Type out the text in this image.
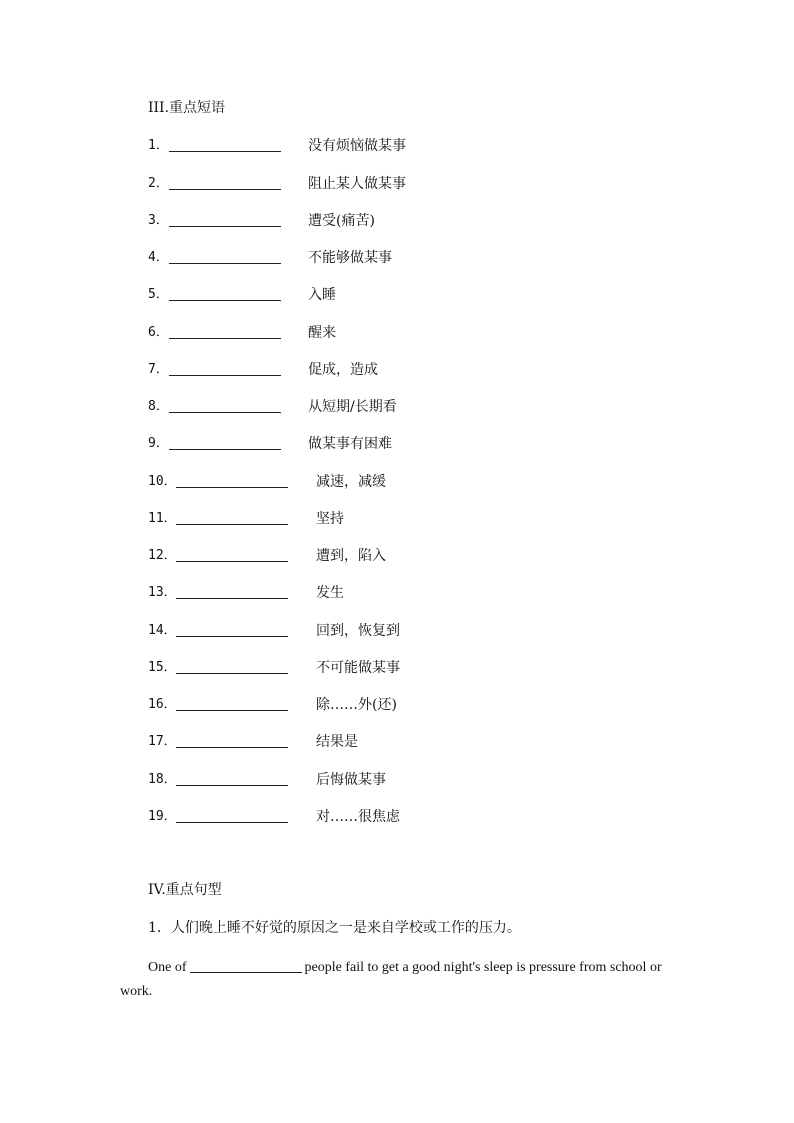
III.重点短语
1．	没有烦恼做某事
2．	阻止某人做某事
3．	遭受(痛苦)
4．	不能够做某事
5．	入睡
6．	醒来
7．	促成，造成
8．	从短期/长期看
9．	做某事有困难
10．	减速，减缓
11．	坚持
12．	遭到，陷入
13．	发生
14．	回到，恢复到
15．	不可能做某事
16．	除……外(还)
17．	结果是
18．	后悔做某事
19．	对……很焦虑
IV.重点句型
1．人们晚上睡不好觉的原因之一是来自学校或工作的压力。
One of	people fail to get a good night's sleep is pressure from school or work.
